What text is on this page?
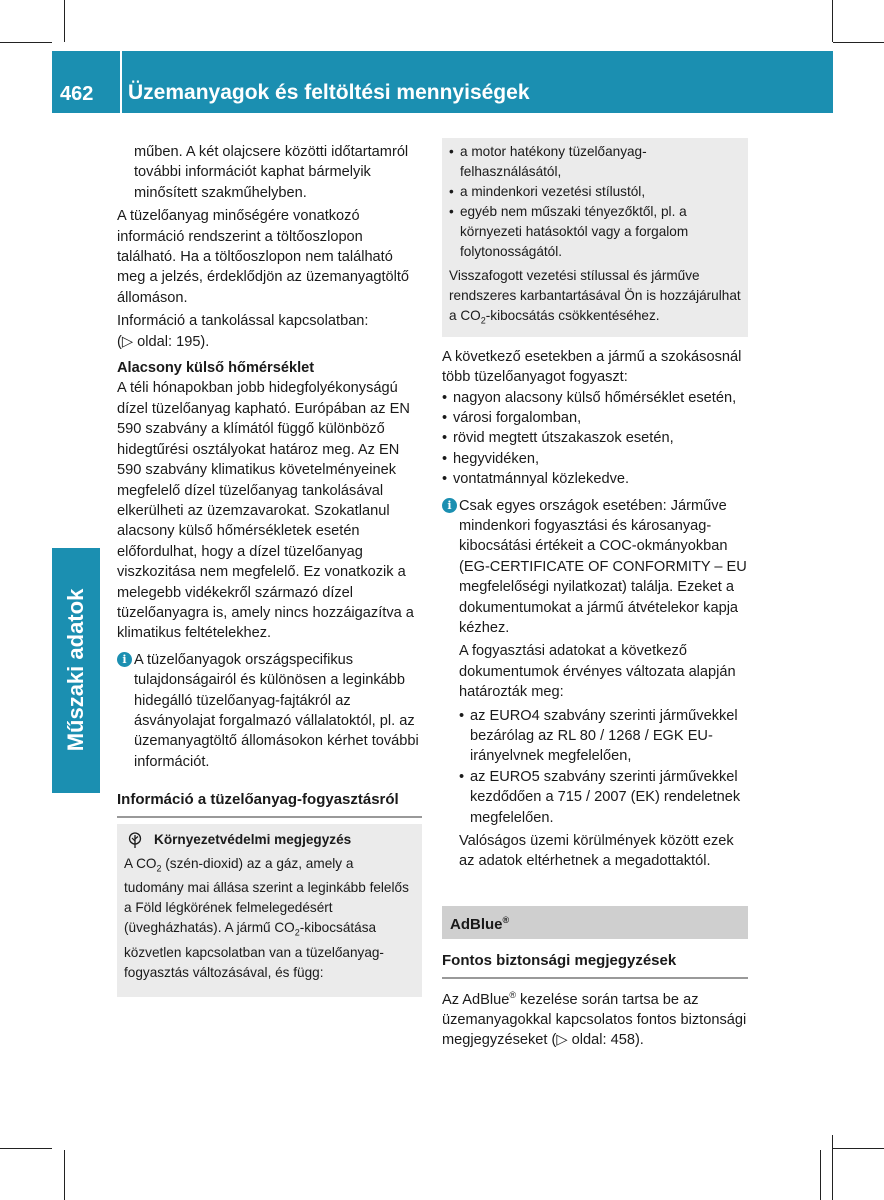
462 Üzemanyagok és feltöltési mennyiségek
Műszaki adatok

műben. A két olajcsere közötti időtartamról további információt kaphat bármelyik minősített szakműhelyben.

A tüzelőanyag minőségére vonatkozó információ rendszerint a töltőoszlopon található. Ha a töltőoszlopon nem található meg a jelzés, érdeklődjön az üzemanyagtöltő állomáson.

Információ a tankolással kapcsolatban:

(▷ oldal: 195).

Alacsony külső hőmérséklet

A téli hónapokban jobb hidegfolyékonyságú dízel tüzelőanyag kapható. Európában az EN 590 szabvány a klímától függő különböző hidegtűrési osztályokat határoz meg. Az EN 590 szabvány klimatikus követelményeinek megfelelő dízel tüzelőanyag tankolásával elkerülheti az üzemzavarokat. Szokatlanul alacsony külső hőmérsékletek esetén előfordulhat, hogy a dízel tüzelőanyag viszkozitása nem megfelelő. Ez vonatkozik a melegebb vidékekről származó dízel tüzelőanyagra is, amely nincs hozzáigazítva a klimatikus feltételekhez.

i A tüzelőanyagok országspecifikus tulajdonságairól és különösen a leginkább hidegálló tüzelőanyag-fajtákról az ásványolajat forgalmazó vállalatoktól, pl. az üzemanyagtöltő állomásokon kérhet további információt.

Információ a tüzelőanyag-fogyasztásról
Környezetvédelmi megjegyzés

A $CO_2$ (szén-dioxid) az a gáz, amely a tudomány mai állása szerint a leginkább felelős a Föld légkörének felmelegedésért (üvegházhatás). A jármű $CO_2$-kibocsátása közvetlen kapcsolatban van a tüzelőanyag-fogyasztás változásával, és függ:

• a motor hatékony tüzelőanyag-felhasználásától,
• a mindenkori vezetési stílustól,
• egyéb nem műszaki tényezőktől, pl. a környezeti hatásoktól vagy a forgalom folytonosságától.

Visszafogott vezetési stílussal és járműve rendszeres karbantartásával Ön is hozzájárulhat a $CO_2$-kibocsátás csökkentéséhez.

A következő esetekben a jármű a szokásosnál több tüzelőanyagot fogyaszt:

• nagyon alacsony külső hőmérséklet esetén,
• városi forgalomban,
• rövid megtett útszakaszok esetén,
• hegyvidéken,
• vontatmánnyal közlekedve.
i Csak egyes országok esetében: Járműve mindenkori fogyasztási és károsanyag-kibocsátási értékeit a COC-okmányokban (EG-CERTIFICATE OF CONFORMITY – EU megfelelőségi nyilatkozat) találja. Ezeket a dokumentumokat a jármű átvételekor kapja kézhez.

A fogyasztási adatokat a következő dokumentumok érvényes változata alapján határozták meg:

• az EURO4 szabvány szerinti járművekkel bezárólag az RL 80 / 1268 / EGK EU-irányelvnek megfelelően,
• az EURO5 szabvány szerinti járművekkel kezdődően a 715 / 2007 (EK) rendeletnek megfelelően.

Valóságos üzemi körülmények között ezek az adatok eltérhetnek a megadottaktól.

AdBlue®
Fontos biztonsági megjegyzések

Az AdBlue® kezelése során tartsa be az üzemanyagokkal kapcsolatos fontos biztonsági megjegyzéseket (▷ oldal: 458).
